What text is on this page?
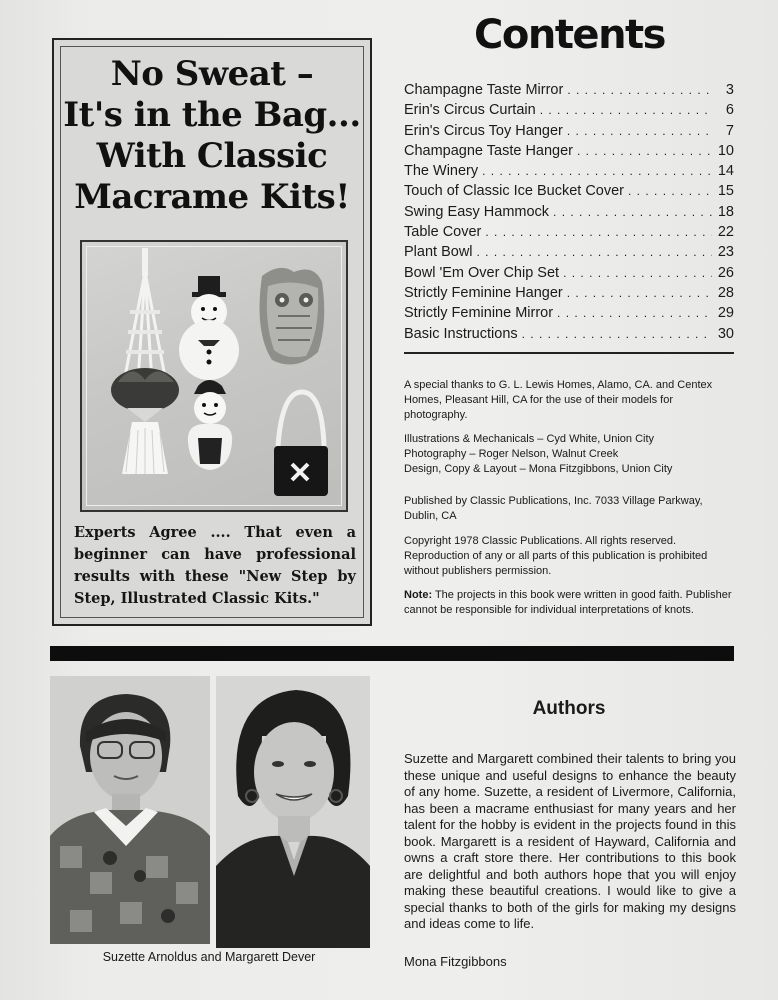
No Sweat –
It's in the Bag...
With Classic
Macrame Kits!
Experts Agree .... That even a beginner can have professional results with these "New Step by Step, Illustrated Classic Kits."
Contents
Champagne Taste Mirror . . .	3
Erin's Circus Curtain . . .	6
Erin's Circus Toy Hanger . . .	7
Champagne Taste Hanger . . .	10
The Winery . . .	14
Touch of Classic Ice Bucket Cover . . .	15
Swing Easy Hammock . . .	18
Table Cover . . .	22
Plant Bowl . . .	23
Bowl 'Em Over Chip Set . . .	26
Strictly Feminine Hanger . . .	28
Strictly Feminine Mirror . . .	29
Basic Instructions . . .	30

A special thanks to G. L. Lewis Homes, Alamo, CA. and Centex Homes, Pleasant Hill, CA for the use of their models for photography.

Illustrations & Mechanicals – Cyd White, Union City

Photography – Roger Nelson, Walnut Creek

Design, Copy & Layout – Mona Fitzgibbons, Union City

Published by Classic Publications, Inc. 7033 Village Parkway, Dublin, CA

Copyright 1978 Classic Publications. All rights reserved. Reproduction of any or all parts of this publication is prohibited without publishers permission.

Note: The projects in this book were written in good faith. Publisher cannot be responsible for individual interpretations of knots.

Suzette Arnoldus and Margarett Dever
Authors
Suzette and Margarett combined their talents to bring you these unique and useful designs to enhance the beauty of any home. Suzette, a resident of Livermore, California, has been a macrame enthusiast for many years and her talent for the hobby is evident in the projects found in this book. Margarett is a resident of Hayward, California and owns a craft store there. Her contributions to this book are delightful and both authors hope that you will enjoy making these beautiful creations. I would like to give a special thanks to both of the girls for making my designs and ideas come to life.
Mona Fitzgibbons
